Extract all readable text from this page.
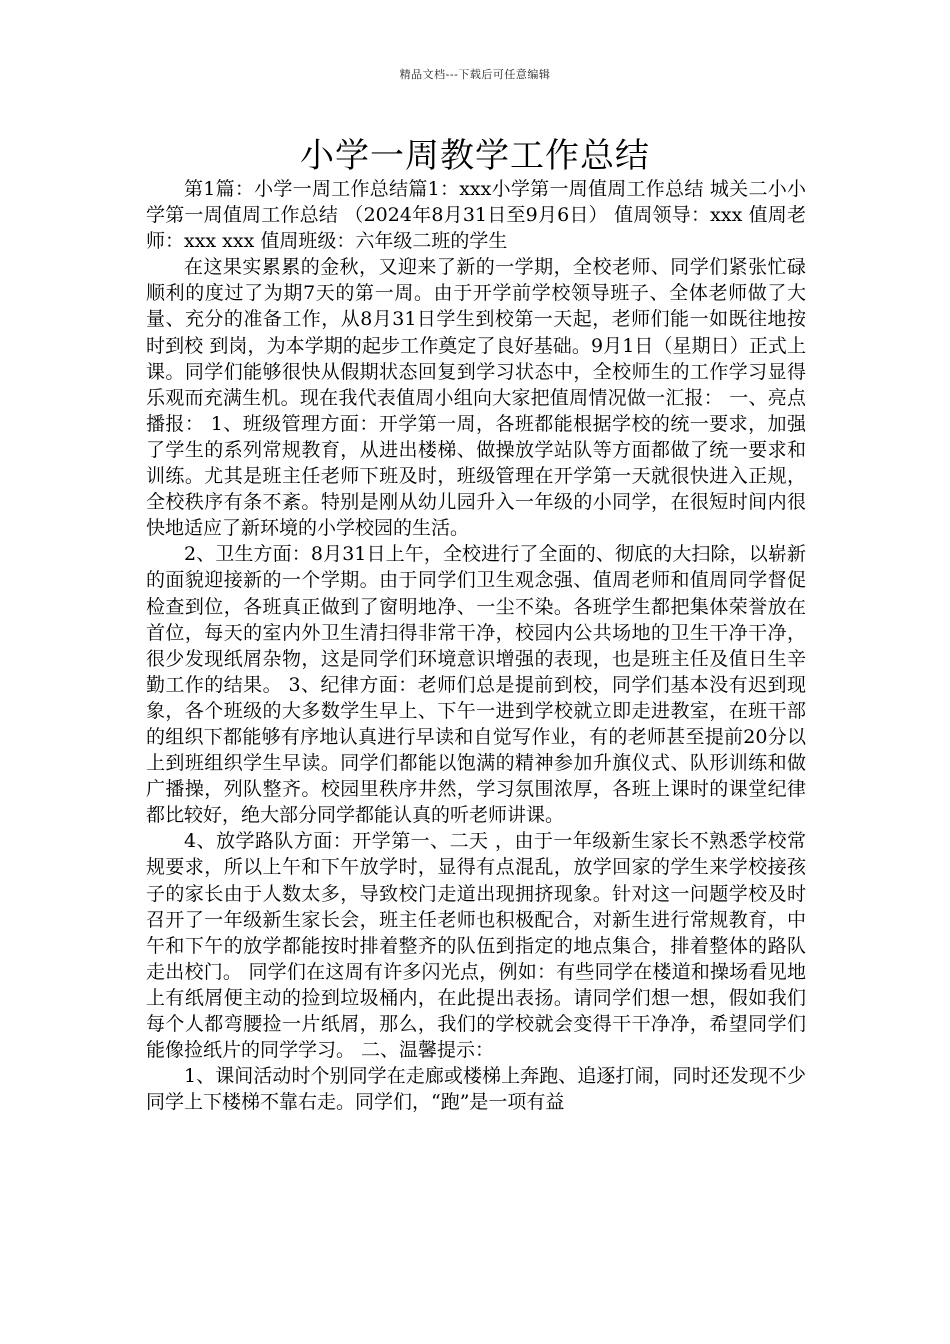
精品文档---下载后可任意编辑
小学一周教学工作总结

第1篇：小学一周工作总结篇1：xxx小学第一周值周工作总结 城关二小小学第一周值周工作总结 （2024年8月31日至9月6日） 值周领导：xxx 值周老师：xxx xxx 值周班级：六年级二班的学生

在这果实累累的金秋，又迎来了新的一学期，全校老师、同学们紧张忙碌顺利的度过了为期7天的第一周。由于开学前学校领导班子、全体老师做了大量、充分的准备工作，从8月31日学生到校第一天起，老师们能一如既往地按时到校 到岗，为本学期的起步工作奠定了良好基础。9月1日（星期日）正式上课。同学们能够很快从假期状态回复到学习状态中，全校师生的工作学习显得乐观而充满生机。现在我代表值周小组向大家把值周情况做一汇报： 一、亮点播报： 1、班级管理方面：开学第一周，各班都能根据学校的统一要求，加强了学生的系列常规教育，从进出楼梯、做操放学站队等方面都做了统一要求和训练。尤其是班主任老师下班及时，班级管理在开学第一天就很快进入正规，全校秩序有条不紊。特别是刚从幼儿园升入一年级的小同学，在很短时间内很快地适应了新环境的小学校园的生活。

2、卫生方面：8月31日上午，全校进行了全面的、彻底的大扫除，以崭新的面貌迎接新的一个学期。由于同学们卫生观念强、值周老师和值周同学督促检查到位，各班真正做到了窗明地净、一尘不染。各班学生都把集体荣誉放在首位，每天的室内外卫生清扫得非常干净，校园内公共场地的卫生干净干净，很少发现纸屑杂物，这是同学们环境意识增强的表现，也是班主任及值日生辛勤工作的结果。 3、纪律方面：老师们总是提前到校，同学们基本没有迟到现象，各个班级的大多数学生早上、下午一进到学校就立即走进教室，在班干部的组织下都能够有序地认真进行早读和自觉写作业，有的老师甚至提前20分以上到班组织学生早读。同学们都能以饱满的精神参加升旗仪式、队形训练和做广播操，列队整齐。校园里秩序井然，学习氛围浓厚，各班上课时的课堂纪律都比较好，绝大部分同学都能认真的听老师讲课。

4、放学路队方面：开学第一、二天 ，由于一年级新生家长不熟悉学校常规要求，所以上午和下午放学时，显得有点混乱，放学回家的学生来学校接孩子的家长由于人数太多，导致校门走道出现拥挤现象。针对这一问题学校及时召开了一年级新生家长会，班主任老师也积极配合，对新生进行常规教育，中午和下午的放学都能按时排着整齐的队伍到指定的地点集合，排着整体的路队走出校门。 同学们在这周有许多闪光点，例如：有些同学在楼道和操场看见地上有纸屑便主动的捡到垃圾桶内，在此提出表扬。请同学们想一想，假如我们每个人都弯腰捡一片纸屑，那么，我们的学校就会变得干干净净，希望同学们能像捡纸片的同学学习。 二、温馨提示：

1、课间活动时个别同学在走廊或楼梯上奔跑、追逐打闹，同时还发现不少同学上下楼梯不靠右走。同学们，“跑”是一项有益
